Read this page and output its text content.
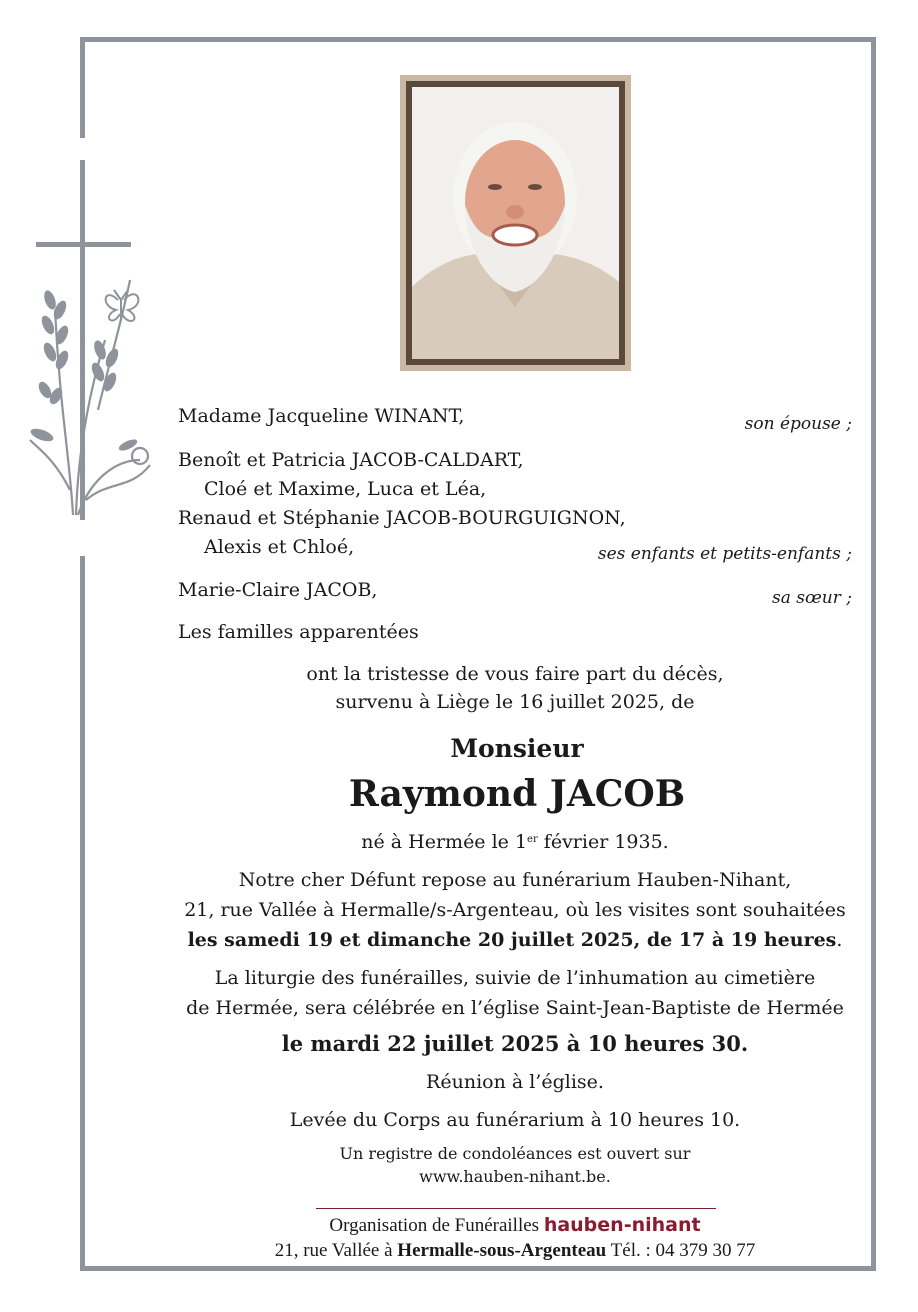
Madame Jacqueline WINANT,	son épouse ;
Benoît et Patricia JACOB-CALDART,
Cloé et Maxime, Luca et Léa,
Renaud et Stéphanie JACOB-BOURGUIGNON,
Alexis et Chloé,	ses enfants et petits-enfants ;
Marie-Claire JACOB,	sa sœur ;
Les familles apparentées
ont la tristesse de vous faire part du décès,
survenu à Liège le 16 juillet 2025, de
Monsieur
Raymond JACOB
né à Hermée le 1er février 1935.
Notre cher Défunt repose au funérarium Hauben-Nihant,
21, rue Vallée à Hermalle/s-Argenteau, où les visites sont souhaitées
les samedi 19 et dimanche 20 juillet 2025, de 17 à 19 heures.
La liturgie des funérailles, suivie de l’inhumation au cimetière
de Hermée, sera célébrée en l’église Saint-Jean-Baptiste de Hermée
le mardi 22 juillet 2025 à 10 heures 30.
Réunion à l’église.
Levée du Corps au funérarium à 10 heures 10.
Un registre de condoléances est ouvert sur
www.hauben-nihant.be.
Organisation de Funérailles hauben-nihant
21, rue Vallée à Hermalle-sous-Argenteau Tél. : 04 379 30 77
